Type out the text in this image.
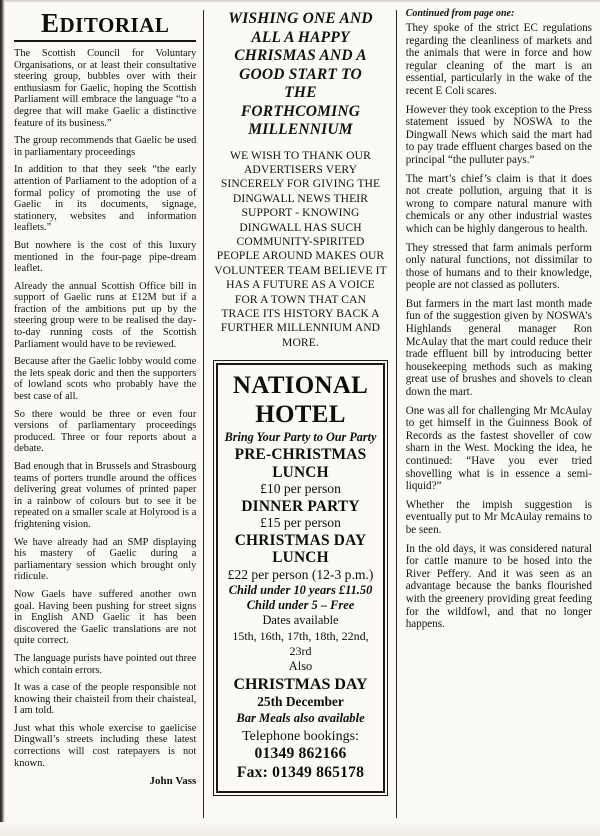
EDITORIAL

The Scottish Council for Voluntary Organisations, or at least their consultative steering group, bubbles over with their enthusiasm for Gaelic, hoping the Scottish Parliament will embrace the language “to a degree that will make Gaelic a distinctive feature of its business.”

The group recommends that Gaelic be used in parliamentary proceedings

In addition to that they seek “the early attention of Parliament to the adoption of a formal policy of promoting the use of Gaelic in its documents, signage, stationery, websites and information leaflets.”

But nowhere is the cost of this luxury mentioned in the four-page pipe-dream leaflet.

Already the annual Scottish Office bill in support of Gaelic runs at £12M but if a fraction of the ambitions put up by the steering group were to be realised the day-to-day running costs of the Scottish Parliament would have to be reviewed.

Because after the Gaelic lobby would come the lets speak doric and then the supporters of lowland scots who probably have the best case of all.

So there would be three or even four versions of parliamentary proceedings produced. Three or four reports about a debate.

Bad enough that in Brussels and Strasbourg teams of porters trundle around the offices delivering great volumes of printed paper in a rainbow of colours but to see it be repeated on a smaller scale at Holyrood is a frightening vision.

We have already had an SMP displaying his mastery of Gaelic during a parliamentary session which brought only ridicule.

Now Gaels have suffered another own goal. Having been pushing for street signs in English AND Gaelic it has been discovered the Gaelic translations are not quite correct.

The language purists have pointed out three which contain errors.

It was a case of the people responsible not knowing their chaisteil from their chaisteal, I am told.

Just what this whole exercise to gaelicise Dingwall’s streets including these latest corrections will cost ratepayers is not known.

John Vass
WISHING ONE AND
ALL A HAPPY
CHRISMAS AND A
GOOD START TO
THE
FORTHCOMING
MILLENNIUM
WE WISH TO THANK OUR
ADVERTISERS VERY
SINCERELY FOR GIVING THE
DINGWALL NEWS THEIR
SUPPORT - KNOWING
DINGWALL HAS SUCH
COMMUNITY-SPIRITED
PEOPLE AROUND MAKES OUR
VOLUNTEER TEAM BELIEVE IT
HAS A FUTURE AS A VOICE
FOR A TOWN THAT CAN
TRACE ITS HISTORY BACK A
FURTHER MILLENNIUM AND
MORE.
NATIONAL
HOTEL
Bring Your Party to Our Party
PRE-CHRISTMAS
LUNCH
£10 per person
DINNER PARTY
£15 per person
CHRISTMAS DAY
LUNCH
£22 per person (12-3 p.m.)
Child under 10 years £11.50
Child under 5 – Free
Dates available
15th, 16th, 17th, 18th, 22nd, 23rd
Also
CHRISTMAS DAY
25th December
Bar Meals also available
Telephone bookings:
01349 862166
Fax: 01349 865178
Continued from page one:

They spoke of the strict EC regulations regarding the cleanliness of markets and the animals that were in force and how regular cleaning of the mart is an essential, particularly in the wake of the recent E Coli scares.

However they took exception to the Press statement issued by NOSWA to the Dingwall News which said the mart had to pay trade effluent charges based on the principal “the pulluter pays.”

The mart’s chief’s claim is that it does not create pollution, arguing that it is wrong to compare natural manure with chemicals or any other industrial wastes which can be highly dangerous to health.

They stressed that farm animals perform only natural functions, not dissimilar to those of humans and to their knowledge, people are not classed as polluters.

But farmers in the mart last month made fun of the suggestion given by NOSWA’s Highlands general manager Ron McAulay that the mart could reduce their trade effluent bill by introducing better housekeeping methods such as making great use of brushes and shovels to clean down the mart.

One was all for challenging Mr McAulay to get himself in the Guinness Book of Records as the fastest shoveller of cow sharn in the West. Mocking the idea, he continued: “Have you ever tried shovelling what is in essence a semi-liquid?”

Whether the impish suggestion is eventually put to Mr McAulay remains to be seen.

In the old days, it was considered natural for cattle manure to be hosed into the River Peffery. And it was seen as an advantage because the banks flourished with the greenery providing great feeding for the wildfowl, and that no longer happens.
